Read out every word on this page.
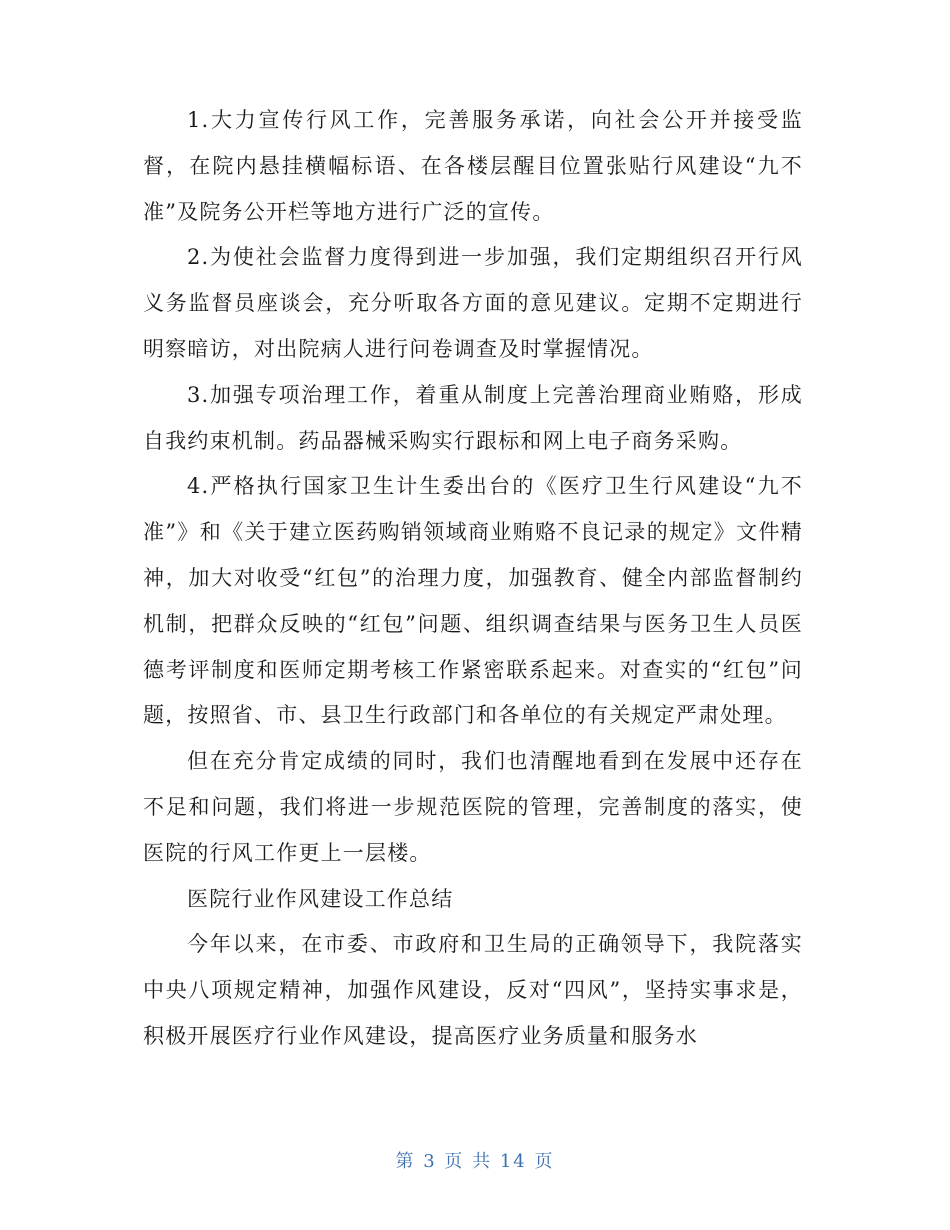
1.大力宣传行风工作，完善服务承诺，向社会公开并接受监督，在院内悬挂横幅标语、在各楼层醒目位置张贴行风建设“九不准”及院务公开栏等地方进行广泛的宣传。

2.为使社会监督力度得到进一步加强，我们定期组织召开行风义务监督员座谈会，充分听取各方面的意见建议。定期不定期进行明察暗访，对出院病人进行问卷调查及时掌握情况。

3.加强专项治理工作，着重从制度上完善治理商业贿赂，形成自我约束机制。药品器械采购实行跟标和网上电子商务采购。

4.严格执行国家卫生计生委出台的《医疗卫生行风建设“九不准”》和《关于建立医药购销领域商业贿赂不良记录的规定》文件精神，加大对收受“红包”的治理力度，加强教育、健全内部监督制约机制，把群众反映的“红包”问题、组织调查结果与医务卫生人员医德考评制度和医师定期考核工作紧密联系起来。对查实的“红包”问题，按照省、市、县卫生行政部门和各单位的有关规定严肃处理。

但在充分肯定成绩的同时，我们也清醒地看到在发展中还存在不足和问题，我们将进一步规范医院的管理，完善制度的落实，使医院的行风工作更上一层楼。

医院行业作风建设工作总结

今年以来，在市委、市政府和卫生局的正确领导下，我院落实中央八项规定精神，加强作风建设，反对“四风”，坚持实事求是，积极开展医疗行业作风建设，提高医疗业务质量和服务水

第 3 页 共 14 页
